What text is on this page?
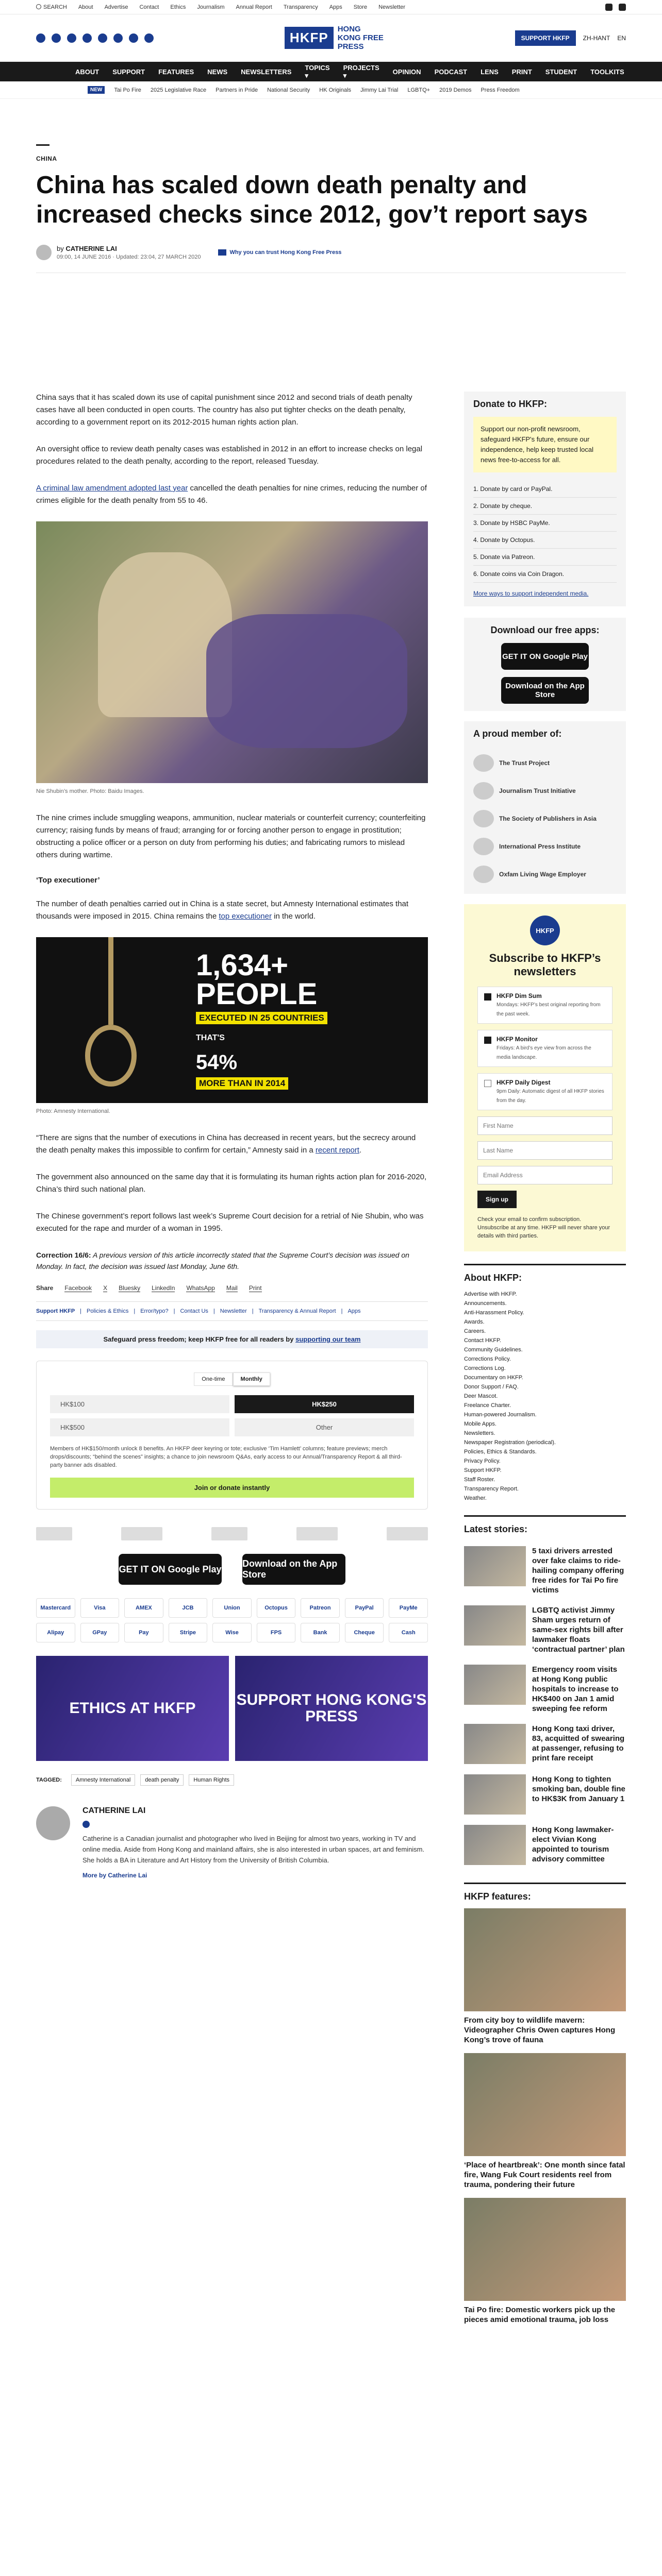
SEARCH About Advertise Contact Ethics Journalism Annual Report Transparency Apps Store Newsletter
HKFP
HONG KONG FREE PRESS
SUPPORT HKFP	ZH-HANT EN
ABOUT SUPPORT FEATURES NEWS NEWSLETTERS
TOPICS ▾
PROJECTS ▾	OPINION PODCAST LENS PRINT STUDENT TOOLKITS
NEW	Tai Po Fire 2025 Legislative Race Partners in Pride National Security HK Originals Jimmy Lai Trial LGBTQ+ 2019 Demos Press Freedom
CHINA
China has scaled down death penalty and increased checks since 2012, gov’t report says
by CATHERINE LAI
09:00, 14 JUNE 2016 · Updated: 23:04, 27 MARCH 2020
Why you can trust Hong Kong Free Press

China says that it has scaled down its use of capital punishment since 2012 and second trials of death penalty cases have all been conducted in open courts. The country has also put tighter checks on the death penalty, according to a government report on its 2012-2015 human rights action plan.

An oversight office to review death penalty cases was established in 2012 in an effort to increase checks on legal procedures related to the death penalty, according to the report, released Tuesday.

A criminal law amendment adopted last year cancelled the death penalties for nine crimes, reducing the number of crimes eligible for the death penalty from 55 to 46.

Nie Shubin’s mother. Photo: Baidu Images.

The nine crimes include smuggling weapons, ammunition, nuclear materials or counterfeit currency; counterfeiting currency; raising funds by means of fraud; arranging for or forcing another person to engage in prostitution; obstructing a police officer or a person on duty from performing his duties; and fabricating rumors to mislead others during wartime.

‘Top executioner’

The number of death penalties carried out in China is a state secret, but Amnesty International estimates that thousands were imposed in 2015. China remains the top executioner in the world.

1,634+
PEOPLE
EXECUTED IN 25 COUNTRIES
THAT'S
54%
MORE THAN IN 2014
Photo: Amnesty International.

“There are signs that the number of executions in China has decreased in recent years, but the secrecy around the death penalty makes this impossible to confirm for certain,” Amnesty said in a recent report.

The government also announced on the same day that it is formulating its human rights action plan for 2016-2020, China’s third such national plan.

The Chinese government’s report follows last week’s Supreme Court decision for a retrial of Nie Shubin, who was executed for the rape and murder of a woman in 1995.

Correction 16/6: A previous version of this article incorrectly stated that the Supreme Court’s decision was issued on Monday. In fact, the decision was issued last Monday, June 6th.
Share Facebook X Bluesky LinkedIn WhatsApp Mail Print
Support HKFP | Policies & Ethics | Error/typo? | Contact Us | Newsletter | Transparency & Annual Report | Apps
Safeguard press freedom; keep HKFP free for all readers by supporting our team
One-time	Monthly
HK$100	HK$250
HK$500	Other
Members of HK$150/month unlock 8 benefits. An HKFP deer keyring or tote; exclusive ‘Tim Hamlett’ columns; feature previews; merch drops/discounts; “behind the scenes” insights; a chance to join newsroom Q&As, early access to our Annual/Transparency Report & all third-party banner ads disabled.
Join or donate instantly
GET IT ON Google Play
Download on the App Store
Mastercard	Visa	AMEX	JCB	Union	Octopus	Patreon	PayPal	PayMe
Alipay	GPay	Pay	Stripe	Wise	FPS	Bank	Cheque	Cash
ETHICS AT HKFP	SUPPORT HONG KONG'S PRESS
TAGGED:	Amnesty International	death penalty	Human Rights
CATHERINE LAI

Catherine is a Canadian journalist and photographer who lived in Beijing for almost two years, working in TV and online media. Aside from Hong Kong and mainland affairs, she is also interested in urban spaces, art and feminism. She holds a BA in Literature and Art History from the University of British Columbia.

More by Catherine Lai
Donate to HKFP:
Support our non-profit newsroom, safeguard HKFP's future, ensure our independence, help keep trusted local news free-to-access for all.
1. Donate by card or PayPal.
2. Donate by cheque.
3. Donate by HSBC PayMe.
4. Donate by Octopus.
5. Donate via Patreon.
6. Donate coins via Coin Dragon.
More ways to support independent media.
Download our free apps:
GET IT ON Google Play
Download on the App Store
A proud member of:
The Trust Project
Journalism Trust Initiative
The Society of Publishers in Asia
International Press Institute
Oxfam Living Wage Employer
HKFP
Subscribe to HKFP’s newsletters
HKFP Dim Sum
Mondays: HKFP’s best original reporting from the past week.
HKFP Monitor
Fridays: A bird’s eye view from across the media landscape.
HKFP Daily Digest
9pm Daily: Automatic digest of all HKFP stories from the day.
First Name Last Name Email Address Sign up
Check your email to confirm subscription. Unsubscribe at any time. HKFP will never share your details with third parties.
About HKFP:
Advertise with HKFP.
Announcements.
Anti-Harassment Policy.
Awards.
Careers.
Contact HKFP.
Community Guidelines.
Corrections Policy.
Corrections Log.
Documentary on HKFP.
Donor Support / FAQ.
Deer Mascot.
Freelance Charter.
Human-powered Journalism.
Mobile Apps.
Newsletters.
Newspaper Registration (periodical).
Policies, Ethics & Standards.
Privacy Policy.
Support HKFP.
Staff Roster.
Transparency Report.
Weather.
Latest stories:
5 taxi drivers arrested over fake claims to ride-hailing company offering free rides for Tai Po fire victims
LGBTQ activist Jimmy Sham urges return of same-sex rights bill after lawmaker floats ‘contractual partner’ plan
Emergency room visits at Hong Kong public hospitals to increase to HK$400 on Jan 1 amid sweeping fee reform
Hong Kong taxi driver, 83, acquitted of swearing at passenger, refusing to print fare receipt
Hong Kong to tighten smoking ban, double fine to HK$3K from January 1
Hong Kong lawmaker-elect Vivian Kong appointed to tourism advisory committee
HKFP features:
From city boy to wildlife mavern: Videographer Chris Owen captures Hong Kong’s trove of fauna
‘Place of heartbreak’: One month since fatal fire, Wang Fuk Court residents reel from trauma, pondering their future
Tai Po fire: Domestic workers pick up the pieces amid emotional trauma, job loss
